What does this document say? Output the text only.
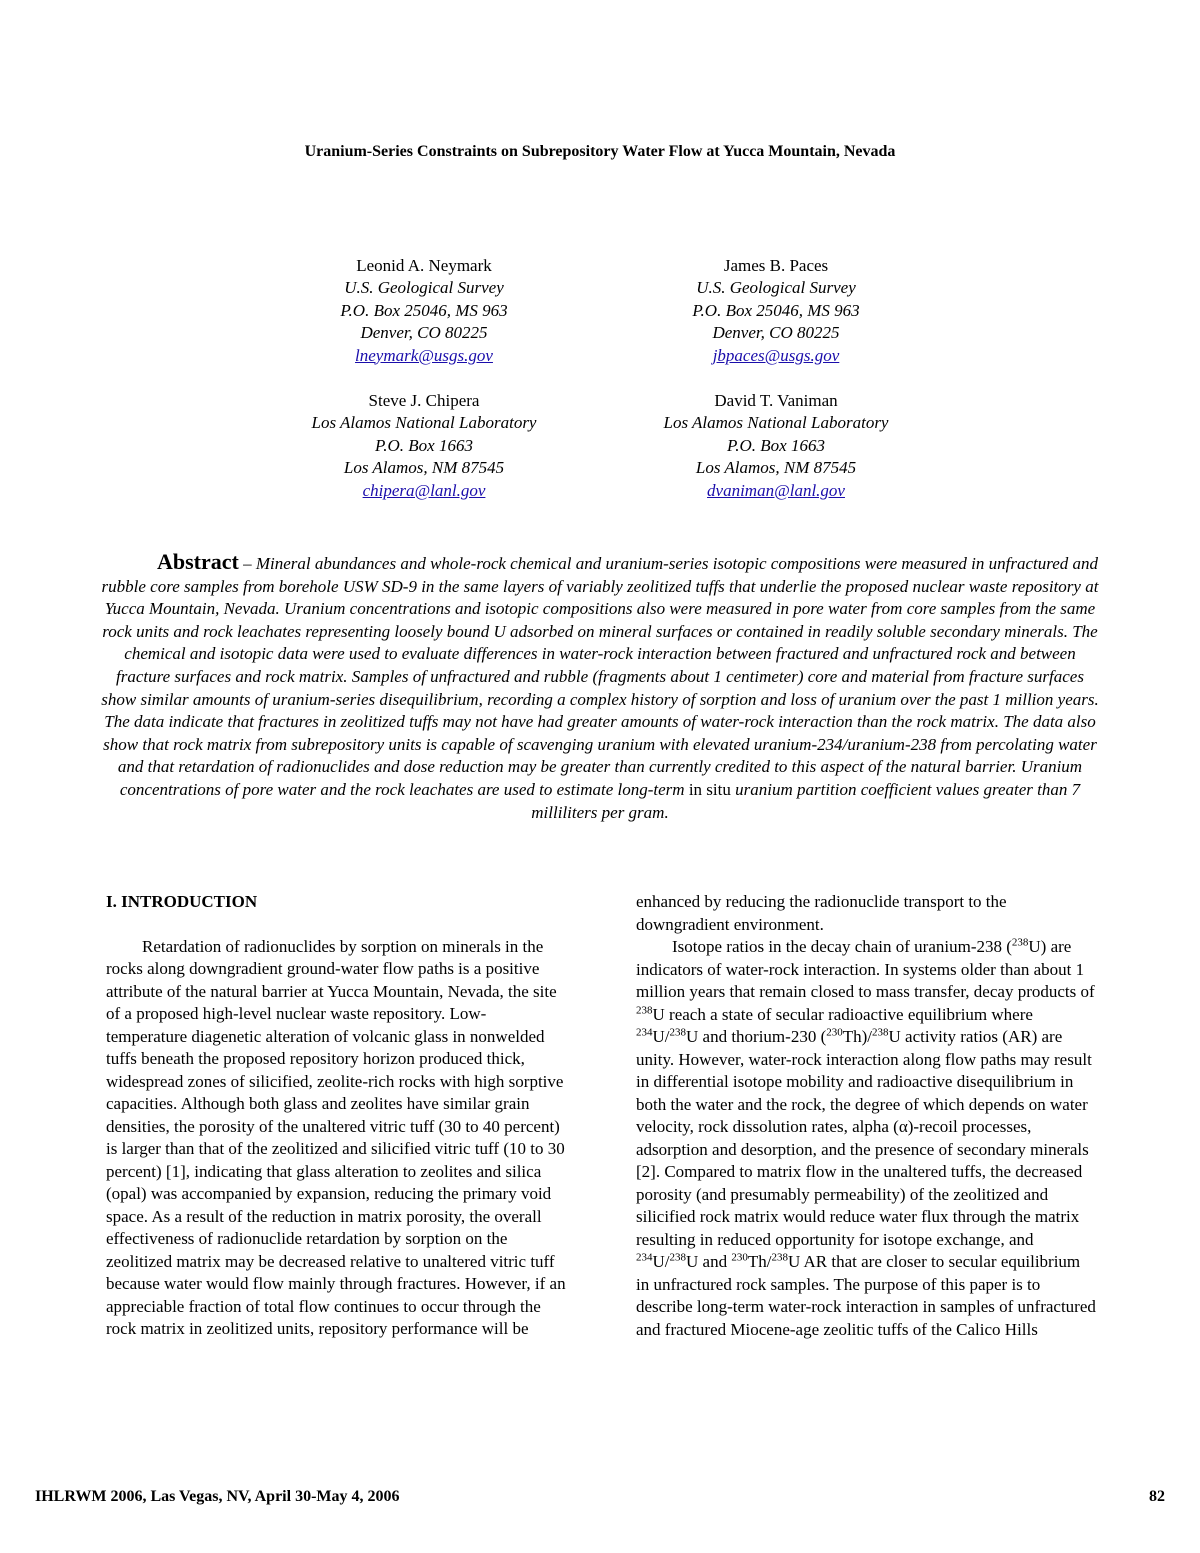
Uranium-Series Constraints on Subrepository Water Flow at Yucca Mountain, Nevada
Leonid A. Neymark
U.S. Geological Survey
P.O. Box 25046, MS 963
Denver, CO 80225
lneymark@usgs.gov
James B. Paces
U.S. Geological Survey
P.O. Box 25046, MS 963
Denver, CO 80225
jbpaces@usgs.gov
Steve J. Chipera
Los Alamos National Laboratory
P.O. Box 1663
Los Alamos, NM 87545
chipera@lanl.gov
David T. Vaniman
Los Alamos National Laboratory
P.O. Box 1663
Los Alamos, NM 87545
dvaniman@lanl.gov
Abstract – Mineral abundances and whole-rock chemical and uranium-series isotopic compositions were measured in unfractured and rubble core samples from borehole USW SD-9 in the same layers of variably zeolitized tuffs that underlie the proposed nuclear waste repository at Yucca Mountain, Nevada. Uranium concentrations and isotopic compositions also were measured in pore water from core samples from the same rock units and rock leachates representing loosely bound U adsorbed on mineral surfaces or contained in readily soluble secondary minerals. The chemical and isotopic data were used to evaluate differences in water-rock interaction between fractured and unfractured rock and between fracture surfaces and rock matrix. Samples of unfractured and rubble (fragments about 1 centimeter) core and material from fracture surfaces show similar amounts of uranium-series disequilibrium, recording a complex history of sorption and loss of uranium over the past 1 million years. The data indicate that fractures in zeolitized tuffs may not have had greater amounts of water-rock interaction than the rock matrix. The data also show that rock matrix from subrepository units is capable of scavenging uranium with elevated uranium-234/uranium-238 from percolating water and that retardation of radionuclides and dose reduction may be greater than currently credited to this aspect of the natural barrier. Uranium concentrations of pore water and the rock leachates are used to estimate long-term in situ uranium partition coefficient values greater than 7 milliliters per gram.

I. INTRODUCTION

Retardation of radionuclides by sorption on minerals in the rocks along downgradient ground-water flow paths is a positive attribute of the natural barrier at Yucca Mountain, Nevada, the site of a proposed high-level nuclear waste repository. Low-temperature diagenetic alteration of volcanic glass in nonwelded tuffs beneath the proposed repository horizon produced thick, widespread zones of silicified, zeolite-rich rocks with high sorptive capacities. Although both glass and zeolites have similar grain densities, the porosity of the unaltered vitric tuff (30 to 40 percent) is larger than that of the zeolitized and silicified vitric tuff (10 to 30 percent) [1], indicating that glass alteration to zeolites and silica (opal) was accompanied by expansion, reducing the primary void space. As a result of the reduction in matrix porosity, the overall effectiveness of radionuclide retardation by sorption on the zeolitized matrix may be decreased relative to unaltered vitric tuff because water would flow mainly through fractures. However, if an appreciable fraction of total flow continues to occur through the rock matrix in zeolitized units, repository performance will be

enhanced by reducing the radionuclide transport to the downgradient environment.

Isotope ratios in the decay chain of uranium-238 ($^{238}$U) are indicators of water-rock interaction. In systems older than about 1 million years that remain closed to mass transfer, decay products of $^{238}$U reach a state of secular radioactive equilibrium where $^{234}$U/$^{238}$U and thorium-230 ($^{230}$Th)/$^{238}$U activity ratios (AR) are unity. However, water-rock interaction along flow paths may result in differential isotope mobility and radioactive disequilibrium in both the water and the rock, the degree of which depends on water velocity, rock dissolution rates, alpha (α)-recoil processes, adsorption and desorption, and the presence of secondary minerals [2]. Compared to matrix flow in the unaltered tuffs, the decreased porosity (and presumably permeability) of the zeolitized and silicified rock matrix would reduce water flux through the matrix resulting in reduced opportunity for isotope exchange, and $^{234}$U/$^{238}$U and $^{230}$Th/$^{238}$U AR that are closer to secular equilibrium in unfractured rock samples. The purpose of this paper is to describe long-term water-rock interaction in samples of unfractured and fractured Miocene-age zeolitic tuffs of the Calico Hills

IHLRWM 2006, Las Vegas, NV, April 30-May 4, 2006	82
